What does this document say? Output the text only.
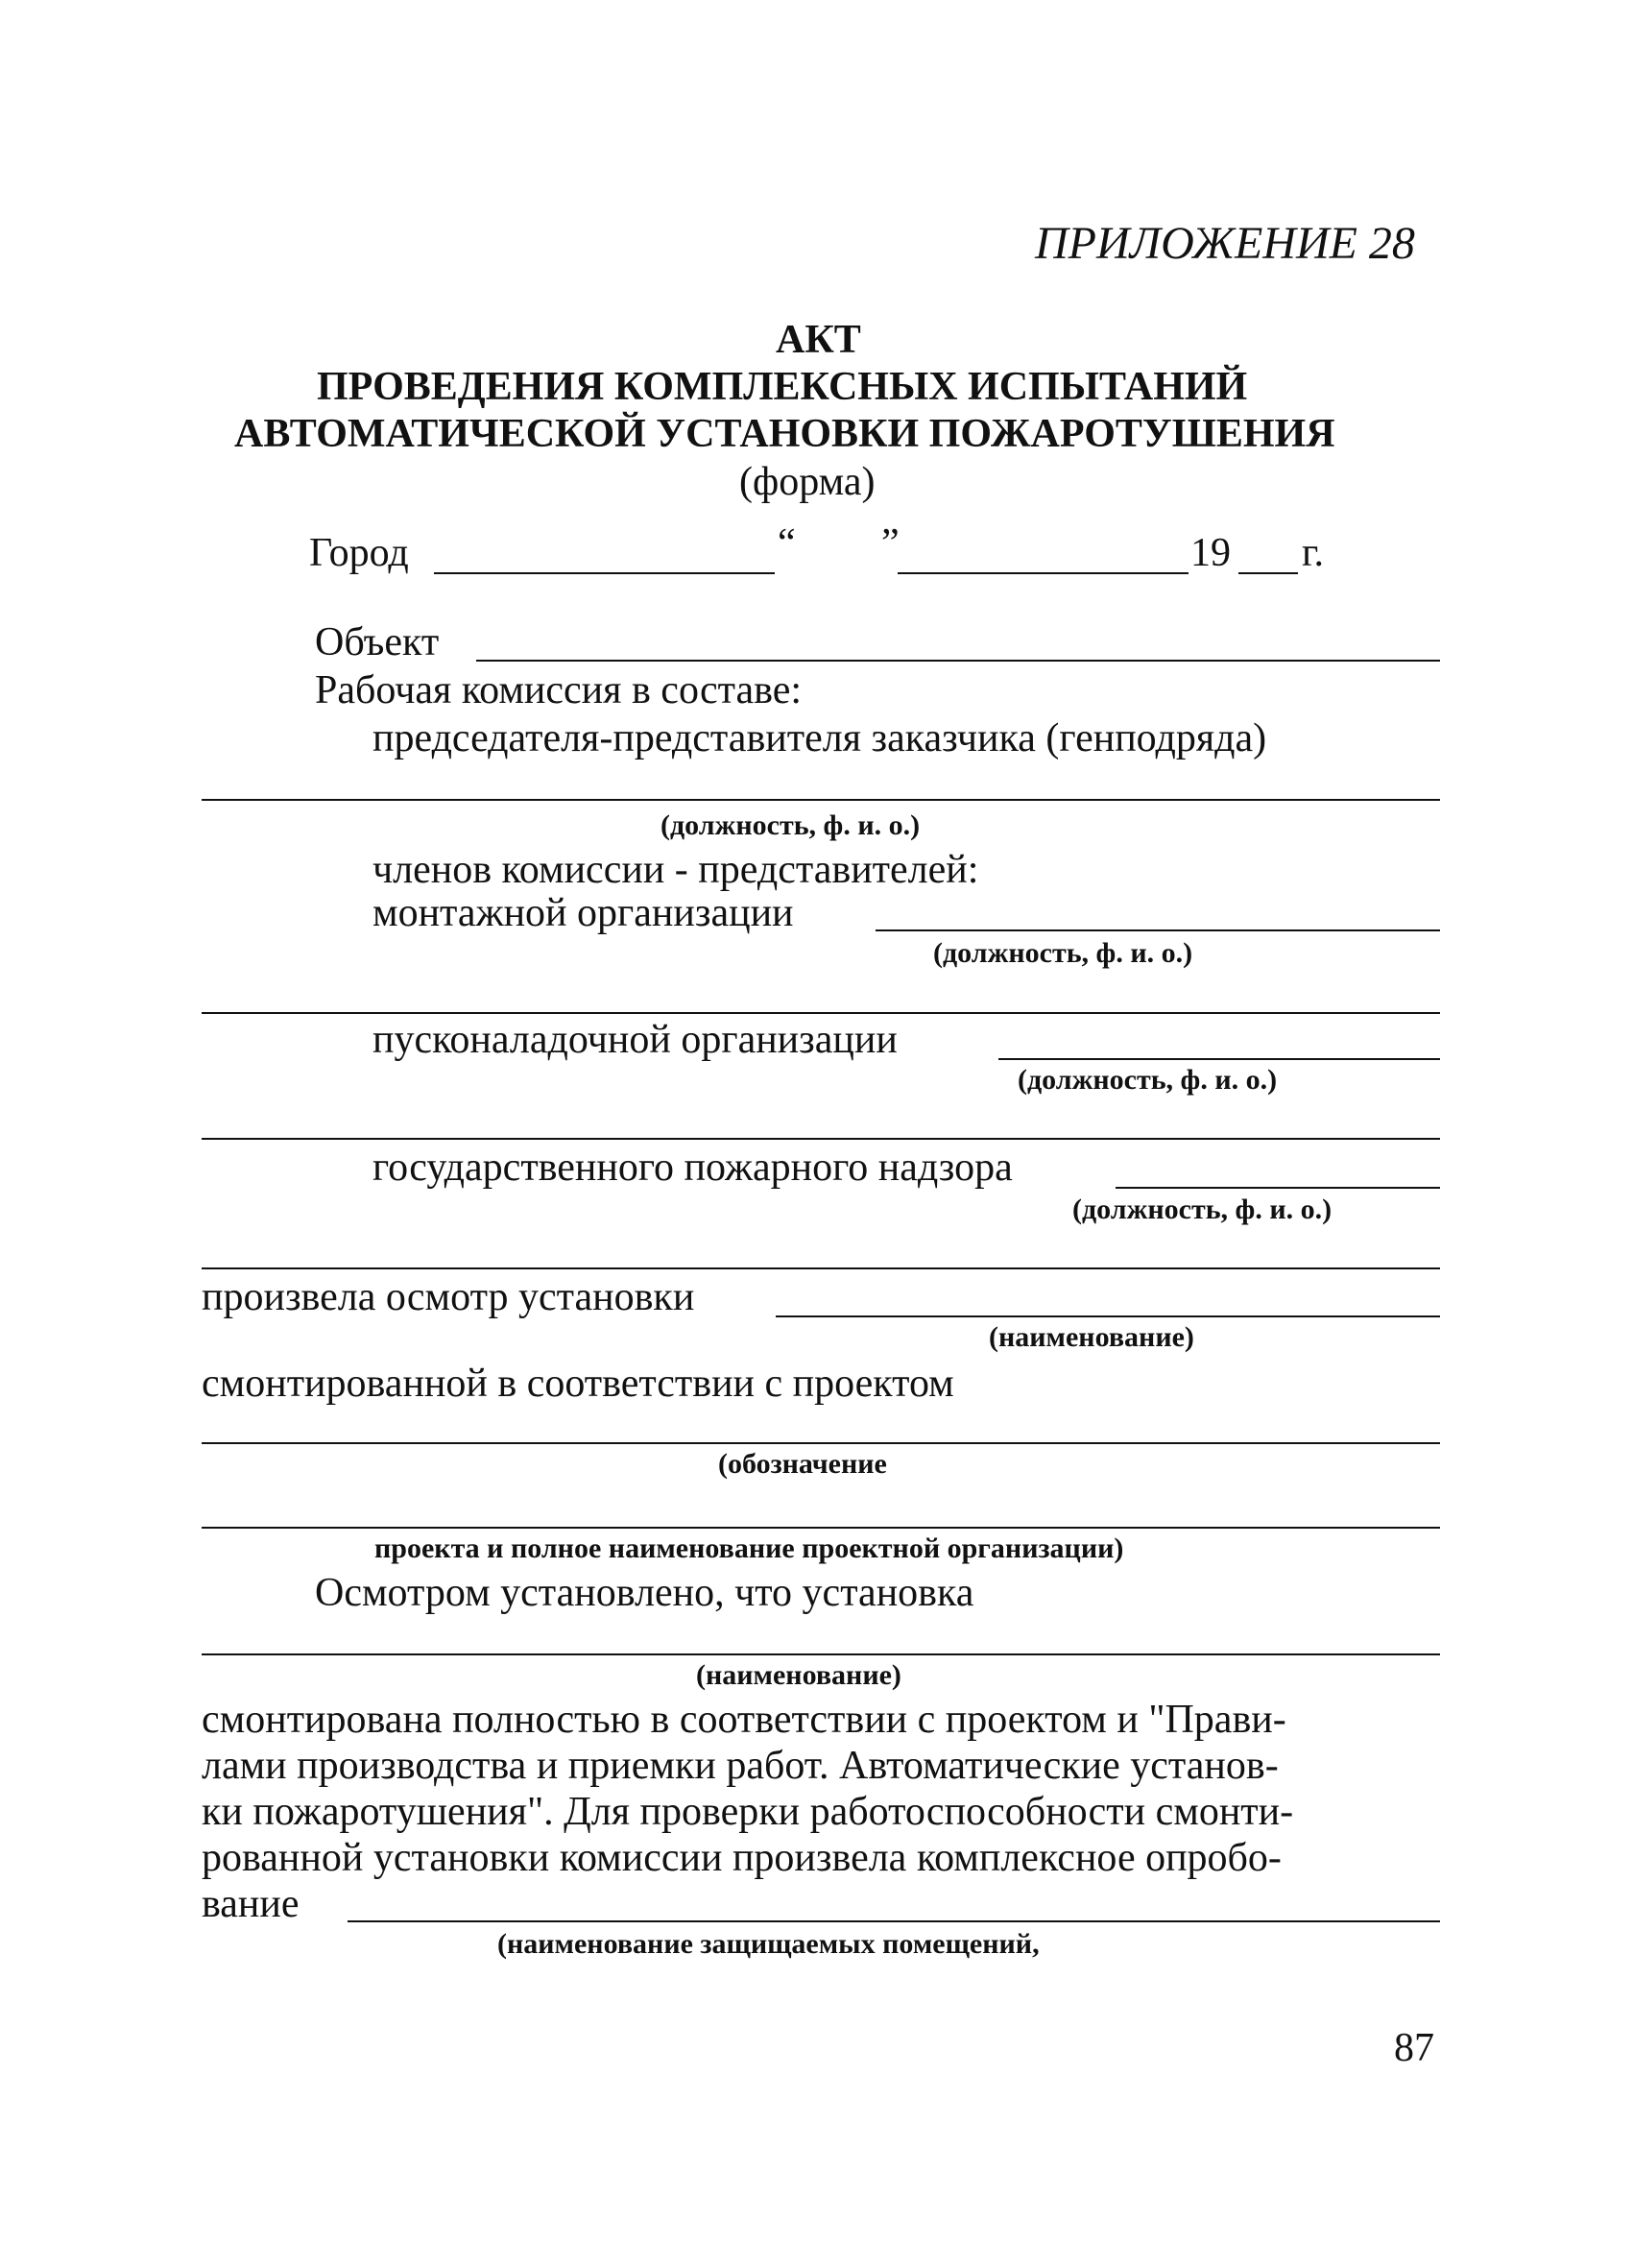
ПРИЛОЖЕНИЕ 28
АКТ
ПРОВЕДЕНИЯ КОМПЛЕКСНЫХ ИСПЫТАНИЙ
АВТОМАТИЧЕСКОЙ УСТАНОВКИ ПОЖАРОТУШЕНИЯ
(форма)
Город	“ ”	19 г.
Объект
Рабочая комиссия в составе:
председателя-представителя заказчика (генподряда)
(должность, ф. и. о.)
членов комиссии - представителей:
монтажной организации
(должность, ф. и. о.)
пусконаладочной организации
(должность, ф. и. о.)
государственного пожарного надзора
(должность, ф. и. о.)
произвела осмотр установки
(наименование)
смонтированной в соответствии с проектом
(обозначение
проекта и полное наименование проектной организации)
Осмотром установлено, что установка
(наименование)
смонтирована полностью в соответствии с проектом и "Прави-
лами производства и приемки работ. Автоматические установ-
ки пожаротушения". Для проверки работоспособности смонти-
рованной установки комиссии произвела комплексное опробо-
вание
(наименование защищаемых помещений,
87
